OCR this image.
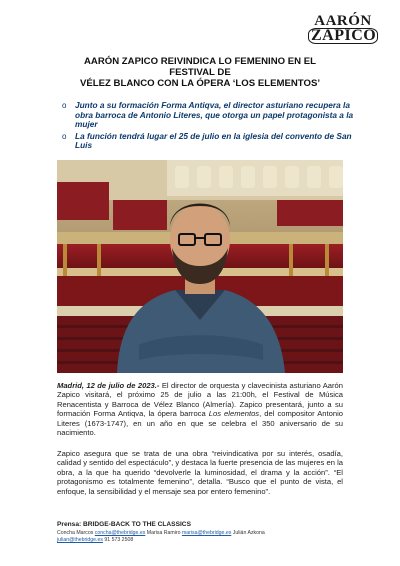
AARÓN
ZAPICO
AARÓN ZAPICO REIVINDICA LO FEMENINO EN EL
FESTIVAL DE
VÉLEZ BLANCO CON LA ÓPERA ‘LOS ELEMENTOS’
o	Junto a su formación Forma Antiqva, el director asturiano recupera la obra barroca de Antonio Literes, que otorga un papel protagonista a la mujer
o	La función tendrá lugar el 25 de julio en la iglesia del convento de San Luis
Madrid, 12 de julio de 2023.- El director de orquesta y clavecinista asturiano Aarón Zapico visitará, el próximo 25 de julio a las 21:00h, el Festival de Música Renacentista y Barroca de Vélez Blanco (Almería). Zapico presentará, junto a su formación Forma Antiqva, la ópera barroca Los elementos, del compositor Antonio Literes (1673-1747), en un año en que se celebra el 350 aniversario de su nacimiento.
Zapico asegura que se trata de una obra “reivindicativa por su interés, osadía, calidad y sentido del espectáculo”, y destaca la fuerte presencia de las mujeres en la obra, a la que ha querido “devolverle la luminosidad, el drama y la acción”. “El protagonismo es totalmente femenino”, detalla. “Busco que el punto de vista, el enfoque, la sensibilidad y el mensaje sea por entero femenino”.
Prensa: BRIDGE-BACK TO THE CLASSICS
Concha Marcos concha@thebridge.es Marisa Ramiro marisa@thebridge.es Julián Azkona
julian@thebridge.es 91 573 2508
